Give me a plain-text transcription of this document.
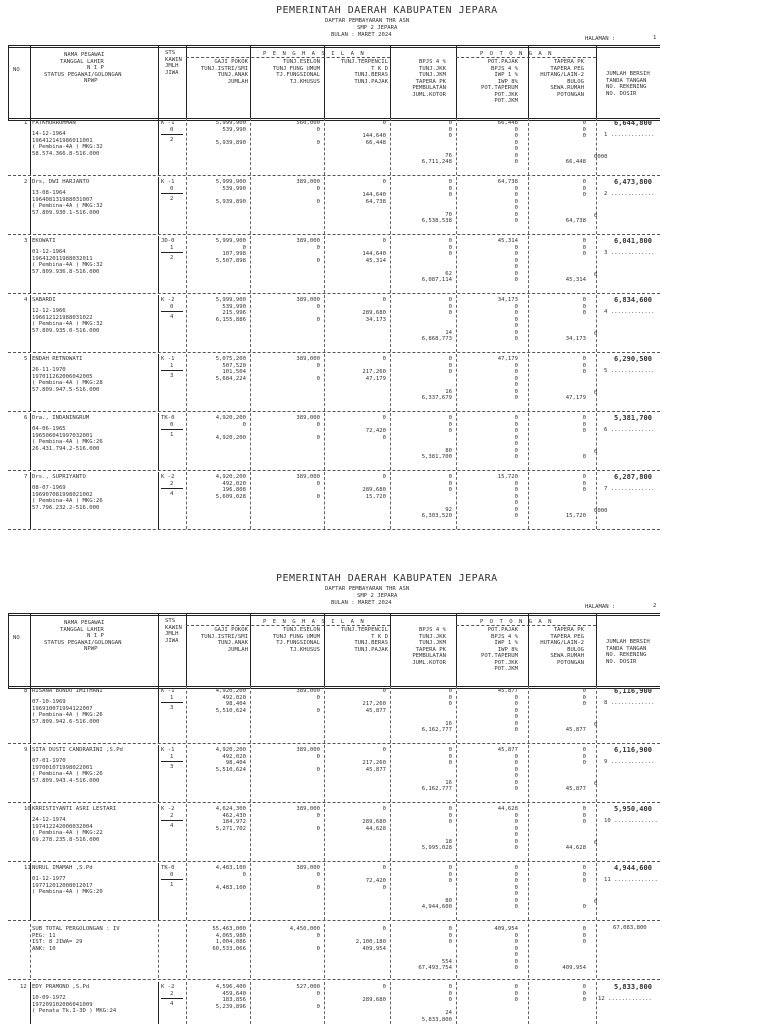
PEMERINTAH DAERAH KABUPATEN JEPARA
DAFTAR PEMBAYARAN THR ASN
SMP 2 JEPARA
BULAN : MARET 2024
HALAMAN :	1
NO
NAMA PEGAWAI
TANGGAL LAHIR
N I P
STATUS PEGAWAI/GOLONGAN
NPWP
STS
KAWIN
JMLH
JIWA
P E N G H A S I L A N
GAJI POKOK
TUNJ.ISTRI/SMI
TUNJ.ANAK
JUMLAH
TUNJ.ESELON
TUNJ FUNG UMUM
TJ.FUNGSIONAL
TJ.KHUSUS
TUNJ.TERPENCIL
T K D
TUNJ.BERAS
TUNJ.PAJAK
BPJS 4 %
TUNJ.JKK
TUNJ.JKM
TAPERA PK
PEMBULATAN
JUML.KOTOR
P O T O N G A N
POT.PAJAK
BPJS 4 %
IWP 1 %
IWP 8%
POT.TAPERUM
POT.JKK
POT.JKM
TAPERA PK
TAPERA PEG
HUTANG/LAIN-2
BULOG
SEWA.RUMAH
POTONGAN
JUMLAH BERSIH
TANDA TANGAN
NO. REKENING
NO. DOSIR
1 FATKHURROHMAN
14-12-1964
196412141986011001
( Pembina-4A ) MKG:32
58.574.366.8-516.000
K -1
0
2
5,999,900
539,990
5,939,890
560,000
0
0
0
144,640
66,448
0
0
0
76
6,711,248
66,448
0
0
0
0
0
0
0
0
0
66,448
6,644,800
1 .............
0000
2 Drs, DWI HARJANTO
13-08-1964
196408131988031007
( Pembina-4A ) MKG:32
57.809.930.1-516.000
K -1
0
2
5,999,900
539,990
5,939,890
389,000
0
0
0
144,640
64,738
0
0
0
70
6,538,538
64,738
0
0
0
0
0
0
0
0
0
64,738
6,473,800
2 .............
0
3 EKOWATI
01-12-1964
196412011988032011
( Pembina-4A ) MKG:32
57.809.936.8-516.000
JD-0
1
2
5,999,900
0
107,998
5,507,898
389,000
0
0
0
144,640
45,314
0
0
0
62
6,087,114
45,314
0
0
0
0
0
0
0
0
0
45,314
6,041,800
3 .............
0
4 SABARDI
12-12-1966
196612121988031022
( Pembina-4A ) MKG:32
57.809.935.0-516.000
K -2
0
4
5,999,900
539,990
215,996
6,155,886
389,000
0
0
0
289,680
34,173
0
0
0
14
6,868,773
34,173
0
0
0
0
0
0
0
0
0
34,173
6,834,600
4 .............
0
5 ENDAH RETNOWATI
26-11-1970
197011262006042005
( Pembina-4A ) MKG:28
57.809.947.5-516.000
K -1
1
3
5,075,200
507,520
101,504
5,684,224
389,000
0
0
0
217,260
47,179
0
0
0
16
6,337,679
47,179
0
0
0
0
0
0
0
0
0
47,179
6,290,500
5 .............
0
6 Dra., INDANINGRUM
04-06-1965
196506041997032001
( Pembina-4A ) MKG:26
26.431.794.2-516.000
TK-0
0
1
4,920,200
0
4,920,200
389,000
0
0
0
72,420
0
0
0
0
80
5,381,700
0
0
0
0
0
0
0
0
0
0
0
5,381,700
6 .............
0
7 Drs., SUPRIYANTO
08-07-1969
196907081998021002
( Pembina-4A ) MKG:26
57.796.232.2-516.000
K -2
2
4
4,920,200
492,020
196,808
5,609,028
389,000
0
0
0
289,680
15,720
0
0
0
92
6,303,520
15,720
0
0
0
0
0
0
0
0
0
15,720
6,287,800
7 .............
0000
PEMERINTAH DAERAH KABUPATEN JEPARA
DAFTAR PEMBAYARAN THR ASN
SMP 2 JEPARA
BULAN : MARET 2024
HALAMAN :	2
NO
NAMA PEGAWAI
TANGGAL LAHIR
N I P
STATUS PEGAWAI/GOLONGAN
NPWP
STS
KAWIN
JMLH
JIWA
P E N G H A S I L A N
GAJI POKOK
TUNJ.ISTRI/SMI
TUNJ.ANAK
JUMLAH
TUNJ.ESELON
TUNJ FUNG UMUM
TJ.FUNGSIONAL
TJ.KHUSUS
TUNJ.TERPENCIL
T K D
TUNJ.BERAS
TUNJ.PAJAK
BPJS 4 %
TUNJ.JKK
TUNJ.JKM
TAPERA PK
PEMBULATAN
JUML.KOTOR
P O T O N G A N
POT.PAJAK
BPJS 4 %
IWP 1 %
IWP 8%
POT.TAPERUM
POT.JKK
POT.JKM
TAPERA PK
TAPERA PEG
HUTANG/LAIN-2
BULOG
SEWA.RUMAH
POTONGAN
JUMLAH BERSIH
TANDA TANGAN
NO. REKENING
NO. DOSIR
8 RISANA BUNDU IMITHANI
07-10-1969
196910071994122007
( Pembina-4A ) MKG:26
57.809.942.6-516.000
K -1
1
3
4,920,200
492,020
98,404
5,510,624
389,000
0
0
0
217,260
45,877
0
0
0
16
6,162,777
45,877
0
0
0
0
0
0
0
0
0
45,877
6,116,900
8 .............
0
9 SITA DUSTI CANDRARINI ,S.Pd
07-01-1970
197001071998022001
( Pembina-4A ) MKG:26
57.809.943.4-516.000
K -1
1
3
4,920,200
492,020
98,404
5,510,624
389,000
0
0
0
217,260
45,877
0
0
0
16
6,162,777
45,877
0
0
0
0
0
0
0
0
0
45,877
6,116,900
9 .............
0
10 KRRISTIYANTI ASRI LESTARI
24-12-1974
197412242000032004
( Pembina-4A ) MKG:22
69.278.235.8-516.000
K -2
2
4
4,624,300
462,430
184,972
5,271,702
389,000
0
0
0
289,680
44,628
0
0
0
18
5,995,028
44,628
0
0
0
0
0
0
0
0
0
44,628
5,950,400
10 .............
0
11 NURUL IMAMAH ,S.Pd
01-12-1977
197712012008012017
( Pembina-4A ) MKG:20
TK-0
0
1
4,483,100
0
4,483,100
389,000
0
0
0
72,420
0
0
0
0
80
4,944,600
0
0
0
0
0
0
0
0
0
0
0
4,944,600
11 .............
0
SUB TOTAL PERGOLONGAN : IV
PEG: 11
IST: 8 JIWA= 29
ANK: 10
55,463,000
4,065,980
1,004,086
60,533,066
4,450,000
0
0
0
2,100,180
409,954
0
0
0
554
67,493,754
409,954
0
0
0
0
0
0
0
0
0
409,954
67,083,800
12 EDY PRAMONO ,S.Pd
10-09-1972
197209102006041009
( Penata Tk.I-3D ) MKG:24
K -2
2
4
4,596,400
459,640
183,856
5,239,896
527,000
0
0
0
289,680
0
0
0
24
5,833,800
0
0
0
0
0
0
5,833,800
12 .............
